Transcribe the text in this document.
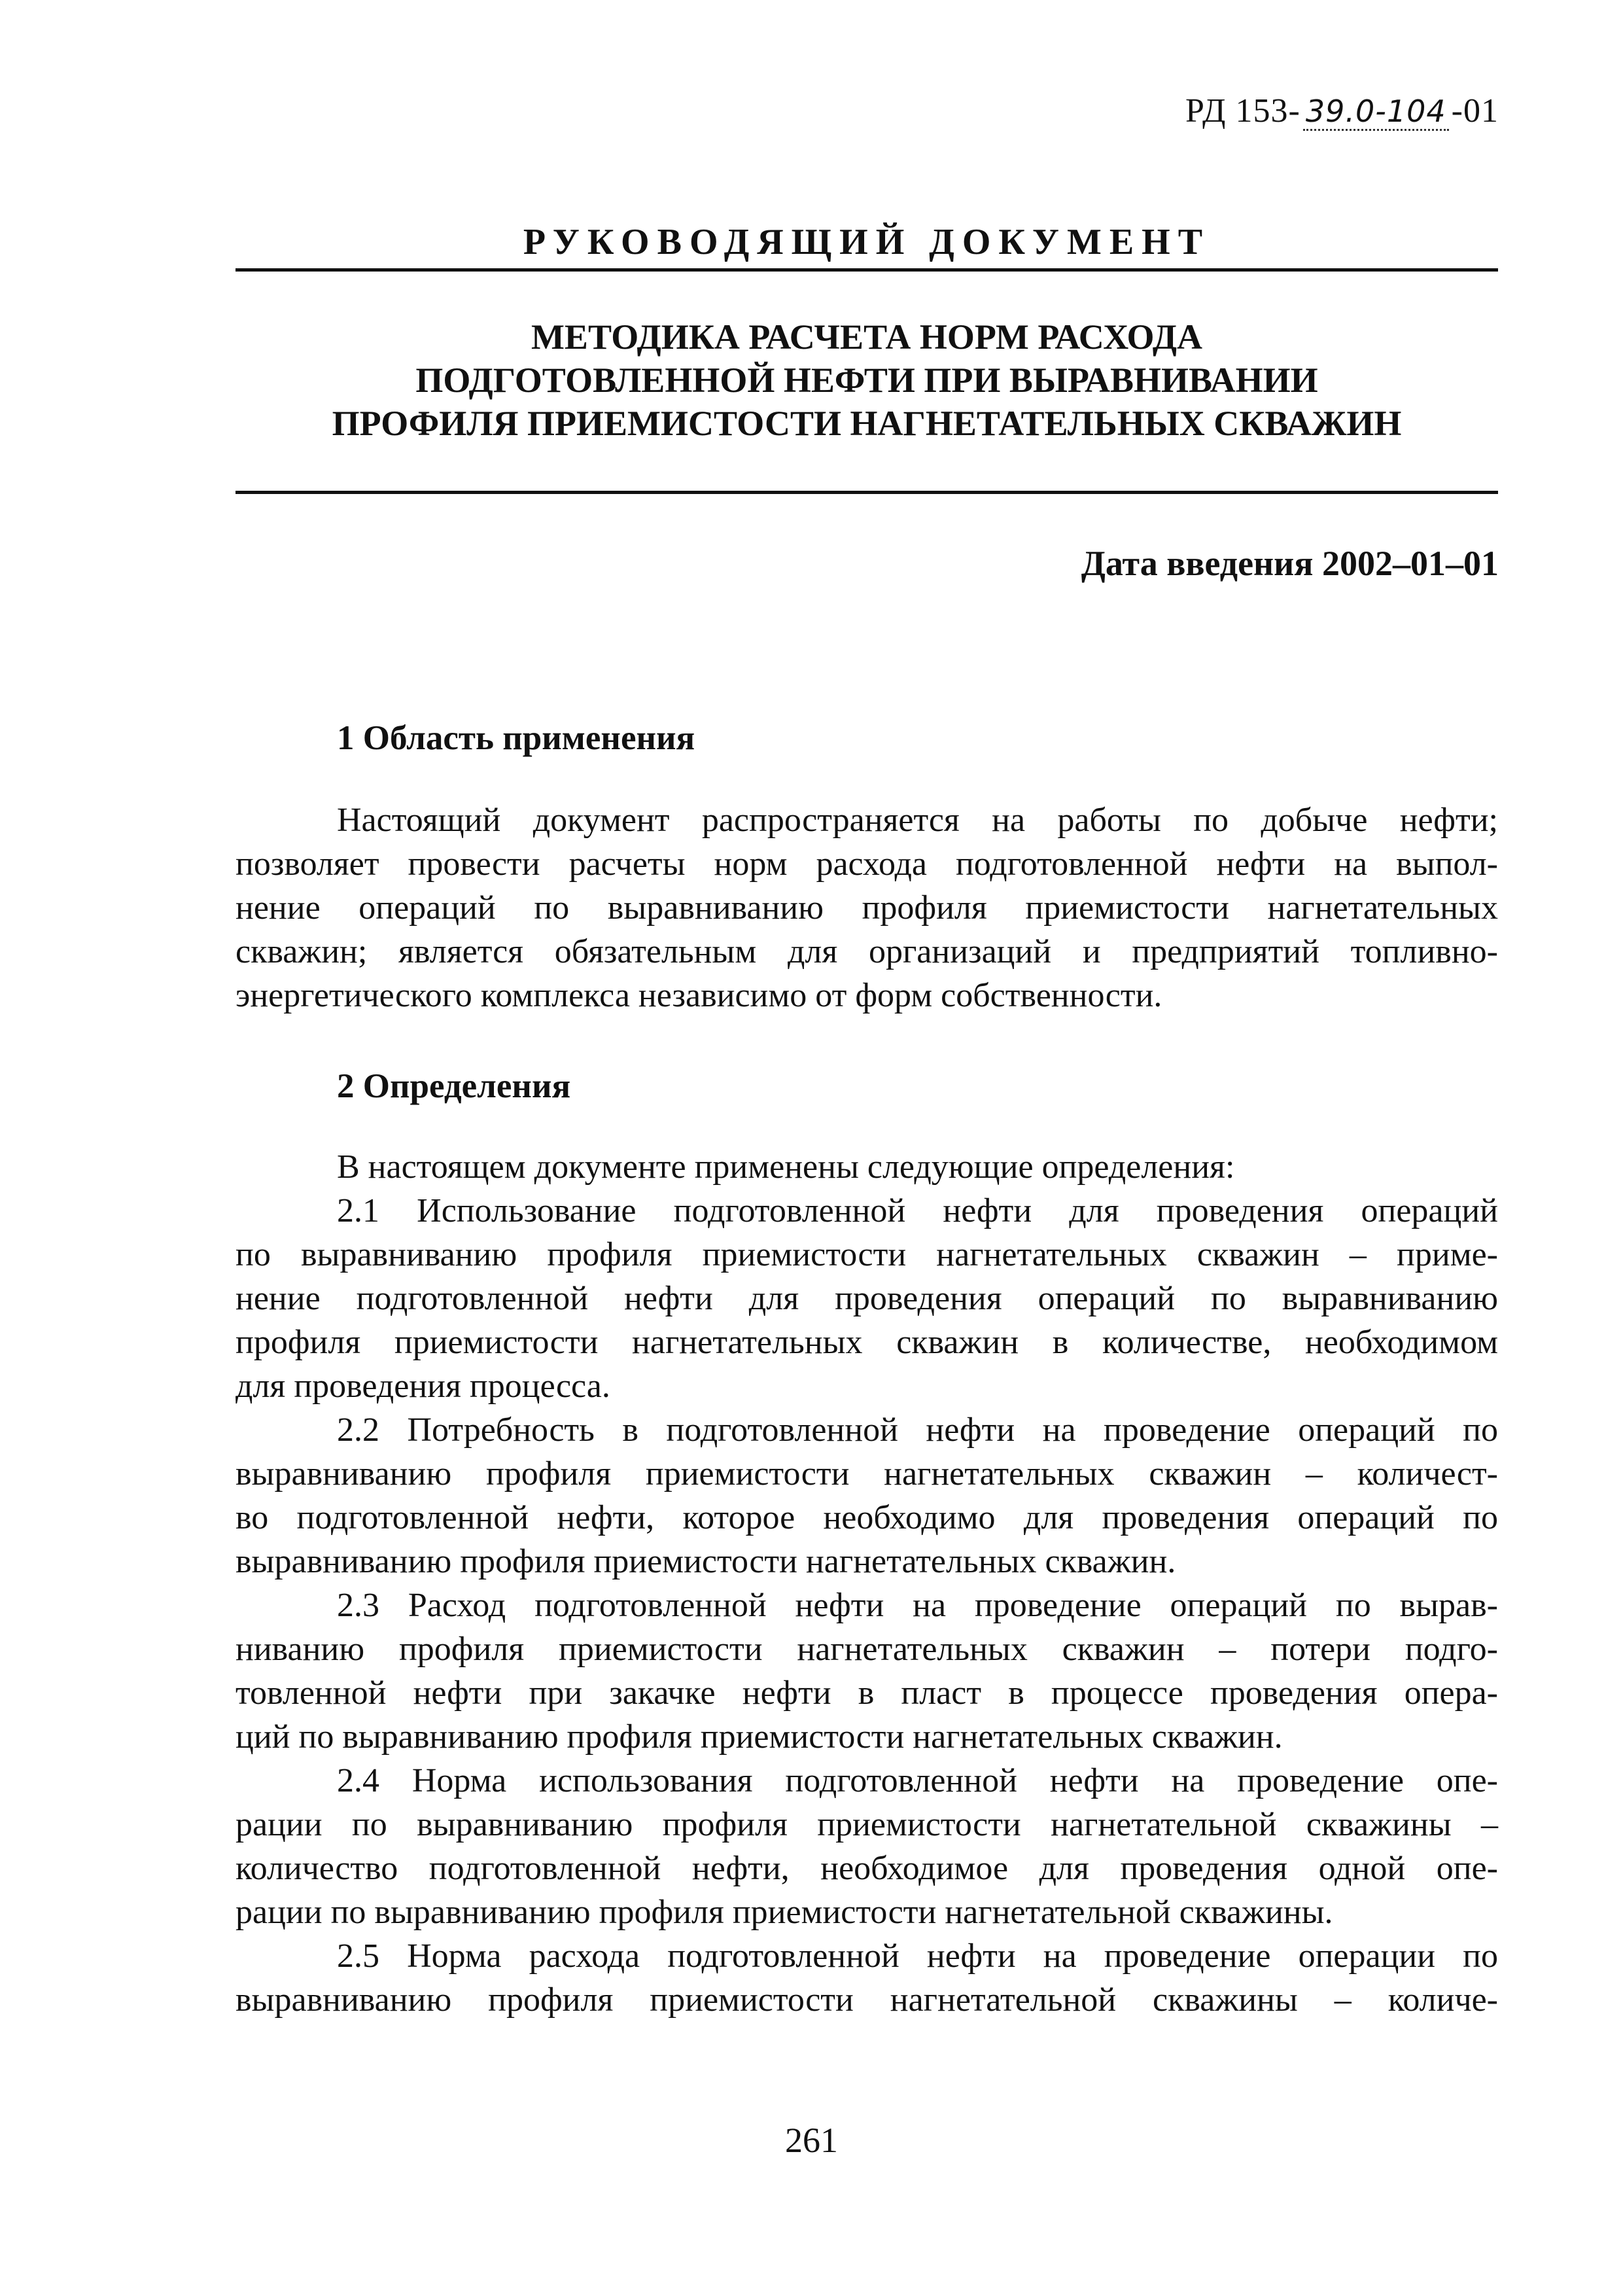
РД 153- 39.0-104 -01
РУКОВОДЯЩИЙ ДОКУМЕНТ
МЕТОДИКА РАСЧЕТА НОРМ РАСХОДА
ПОДГОТОВЛЕННОЙ НЕФТИ ПРИ ВЫРАВНИВАНИИ
ПРОФИЛЯ ПРИЕМИСТОСТИ НАГНЕТАТЕЛЬНЫХ СКВАЖИН
Дата введения 2002–01–01
1 Область применения
Настоящий документ распространяется на работы по добыче нефти;
позволяет провести расчеты норм расхода подготовленной нефти на выпол-
нение операций по выравниванию профиля приемистости нагнетательных
скважин; является обязательным для организаций и предприятий топливно-
энергетического комплекса независимо от форм собственности.
2 Определения
В настоящем документе применены следующие определения:
2.1 Использование подготовленной нефти для проведения операций
по выравниванию профиля приемистости нагнетательных скважин – приме-
нение подготовленной нефти для проведения операций по выравниванию
профиля приемистости нагнетательных скважин в количестве, необходимом
для проведения процесса.
2.2 Потребность в подготовленной нефти на проведение операций по
выравниванию профиля приемистости нагнетательных скважин – количест-
во подготовленной нефти, которое необходимо для проведения операций по
выравниванию профиля приемистости нагнетательных скважин.
2.3 Расход подготовленной нефти на проведение операций по вырав-
ниванию профиля приемистости нагнетательных скважин – потери подго-
товленной нефти при закачке нефти в пласт в процессе проведения опера-
ций по выравниванию профиля приемистости нагнетательных скважин.
2.4 Норма использования подготовленной нефти на проведение опе-
рации по выравниванию профиля приемистости нагнетательной скважины –
количество подготовленной нефти, необходимое для проведения одной опе-
рации по выравниванию профиля приемистости нагнетательной скважины.
2.5 Норма расхода подготовленной нефти на проведение операции по
выравниванию профиля приемистости нагнетательной скважины – количе-
261
